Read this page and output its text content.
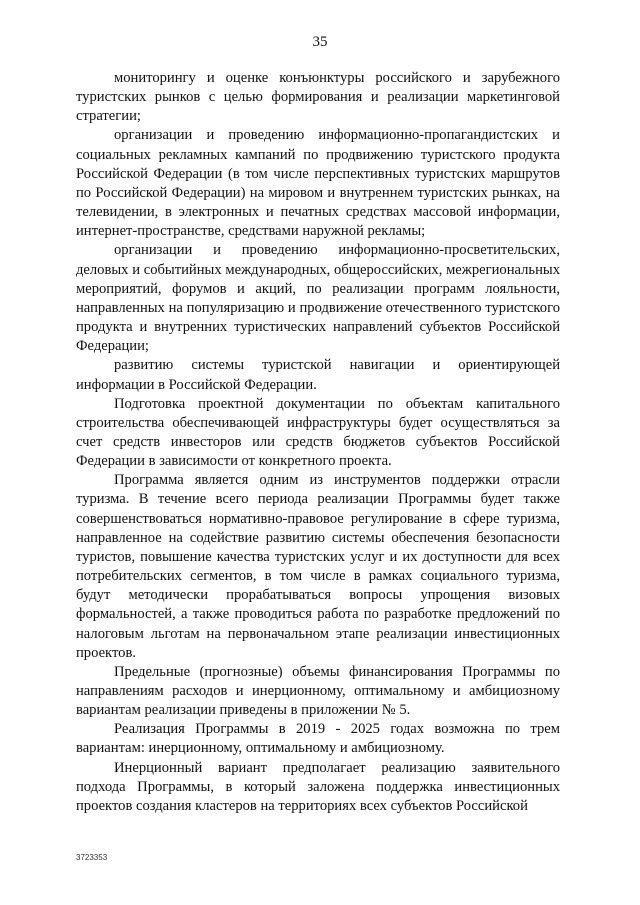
35

мониторингу и оценке конъюнктуры российского и зарубежного туристских рынков с целью формирования и реализации маркетинговой стратегии;

организации и проведению информационно-пропагандистских и социальных рекламных кампаний по продвижению туристского продукта Российской Федерации (в том числе перспективных туристских маршрутов по Российской Федерации) на мировом и внутреннем туристских рынках, на телевидении, в электронных и печатных средствах массовой информации, интернет-пространстве, средствами наружной рекламы;

организации и проведению информационно-просветительских, деловых и событийных международных, общероссийских, межрегиональных мероприятий, форумов и акций, по реализации программ лояльности, направленных на популяризацию и продвижение отечественного туристского продукта и внутренних туристических направлений субъектов Российской Федерации;

развитию системы туристской навигации и ориентирующей информации в Российской Федерации.

Подготовка проектной документации по объектам капитального строительства обеспечивающей инфраструктуры будет осуществляться за счет средств инвесторов или средств бюджетов субъектов Российской Федерации в зависимости от конкретного проекта.

Программа является одним из инструментов поддержки отрасли туризма. В течение всего периода реализации Программы будет также совершенствоваться нормативно-правовое регулирование в сфере туризма, направленное на содействие развитию системы обеспечения безопасности туристов, повышение качества туристских услуг и их доступности для всех потребительских сегментов, в том числе в рамках социального туризма, будут методически прорабатываться вопросы упрощения визовых формальностей, а также проводиться работа по разработке предложений по налоговым льготам на первоначальном этапе реализации инвестиционных проектов.

Предельные (прогнозные) объемы финансирования Программы по направлениям расходов и инерционному, оптимальному и амбициозному вариантам реализации приведены в приложении № 5.

Реализация Программы в 2019 - 2025 годах возможна по трем вариантам: инерционному, оптимальному и амбициозному.

Инерционный вариант предполагает реализацию заявительного подхода Программы, в который заложена поддержка инвестиционных проектов создания кластеров на территориях всех субъектов Российской

3723353
